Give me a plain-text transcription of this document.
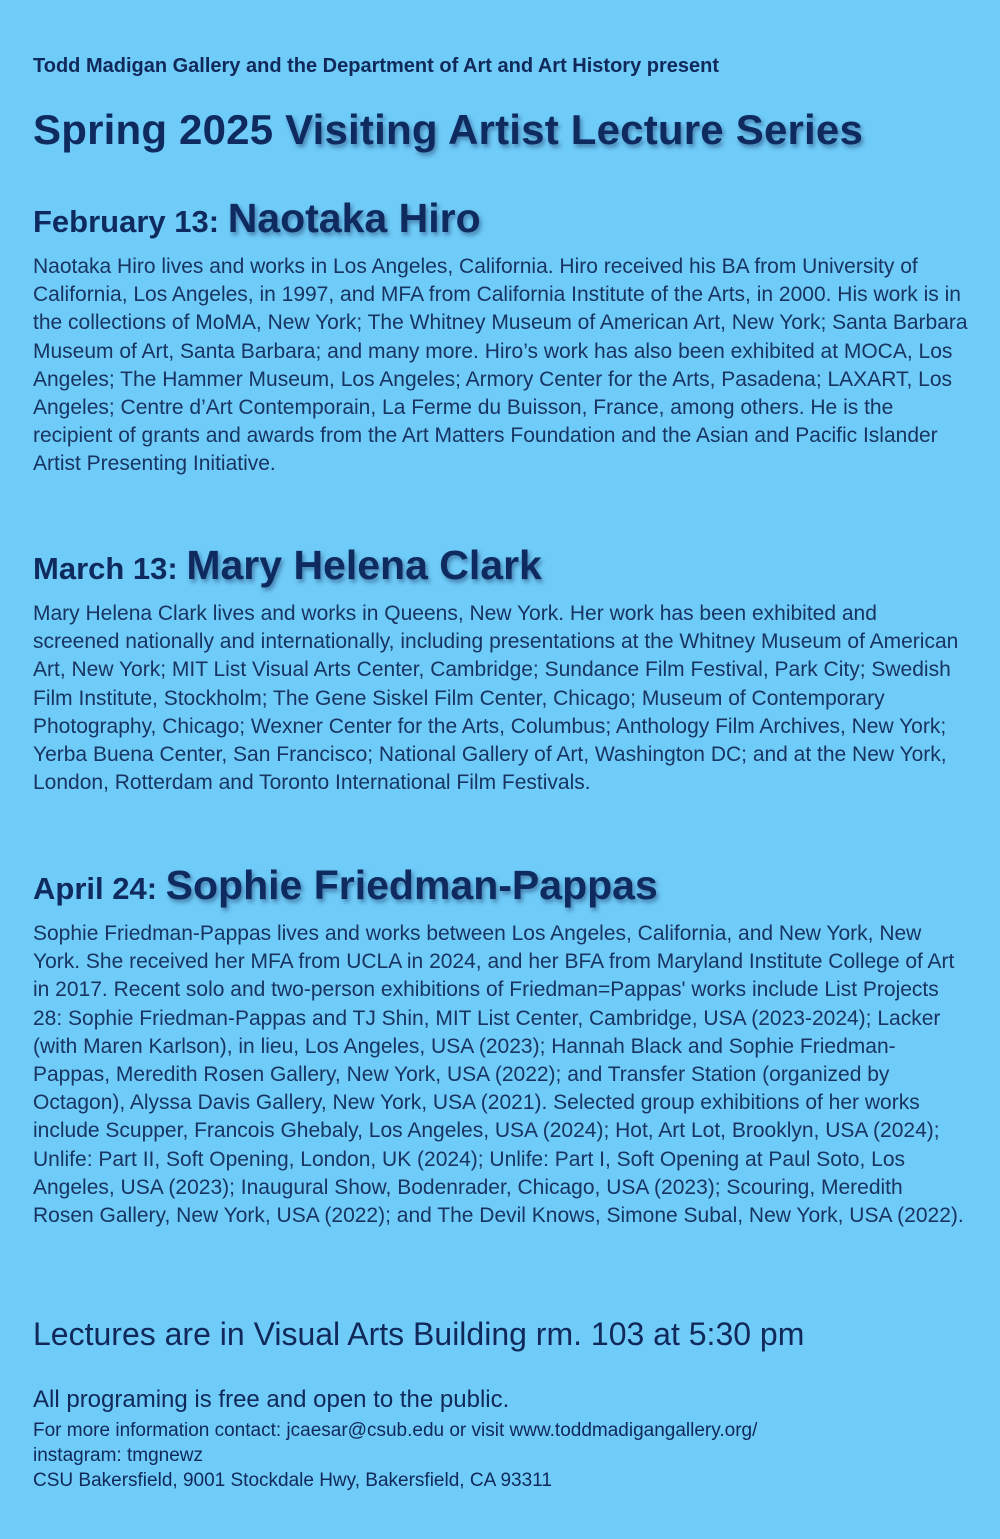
Todd Madigan Gallery and the Department of Art and Art History present
Spring 2025 Visiting Artist Lecture Series
February 13: Naotaka Hiro

Naotaka Hiro lives and works in Los Angeles, California. Hiro received his BA from University of California, Los Angeles, in 1997, and MFA from California Institute of the Arts, in 2000. His work is in the collections of MoMA, New York; The Whitney Museum of American Art, New York; Santa Barbara Museum of Art, Santa Barbara; and many more. Hiro’s work has also been exhibited at MOCA, Los Angeles; The Hammer Museum, Los Angeles; Armory Center for the Arts, Pasadena; LAXART, Los Angeles; Centre d’Art Contemporain, La Ferme du Buisson, France, among others. He is the recipient of grants and awards from the Art Matters Foundation and the Asian and Pacific Islander Artist Presenting Initiative.

March 13: Mary Helena Clark

Mary Helena Clark lives and works in Queens, New York. Her work has been exhibited and screened nationally and internationally, including presentations at the Whitney Museum of American Art, New York; MIT List Visual Arts Center, Cambridge; Sundance Film Festival, Park City; Swedish Film Institute, Stockholm; The Gene Siskel Film Center, Chicago; Museum of Contemporary Photography, Chicago; Wexner Center for the Arts, Columbus; Anthology Film Archives, New York; Yerba Buena Center, San Francisco; National Gallery of Art, Washington DC; and at the New York, London, Rotterdam and Toronto International Film Festivals.

April 24: Sophie Friedman-Pappas

Sophie Friedman-Pappas lives and works between Los Angeles, California, and New York, New York. She received her MFA from UCLA in 2024, and her BFA from Maryland Institute College of Art in 2017. Recent solo and two-person exhibitions of Friedman=Pappas' works include List Projects 28: Sophie Friedman-Pappas and TJ Shin, MIT List Center, Cambridge, USA (2023-2024); Lacker (with Maren Karlson), in lieu, Los Angeles, USA (2023); Hannah Black and Sophie Friedman-Pappas, Meredith Rosen Gallery, New York, USA (2022); and Transfer Station (organized by Octagon), Alyssa Davis Gallery, New York, USA (2021). Selected group exhibitions of her works include Scupper, Francois Ghebaly, Los Angeles, USA (2024); Hot, Art Lot, Brooklyn, USA (2024); Unlife: Part II, Soft Opening, London, UK (2024); Unlife: Part I, Soft Opening at Paul Soto, Los Angeles, USA (2023); Inaugural Show, Bodenrader, Chicago, USA (2023); Scouring, Meredith Rosen Gallery, New York, USA (2022); and The Devil Knows, Simone Subal, New York, USA (2022).

Lectures are in Visual Arts Building rm. 103 at 5:30 pm
All programing is free and open to the public.
For more information contact: jcaesar@csub.edu or visit www.toddmadigangallery.org/
instagram: tmgnewz
CSU Bakersfield, 9001 Stockdale Hwy, Bakersfield, CA 93311
